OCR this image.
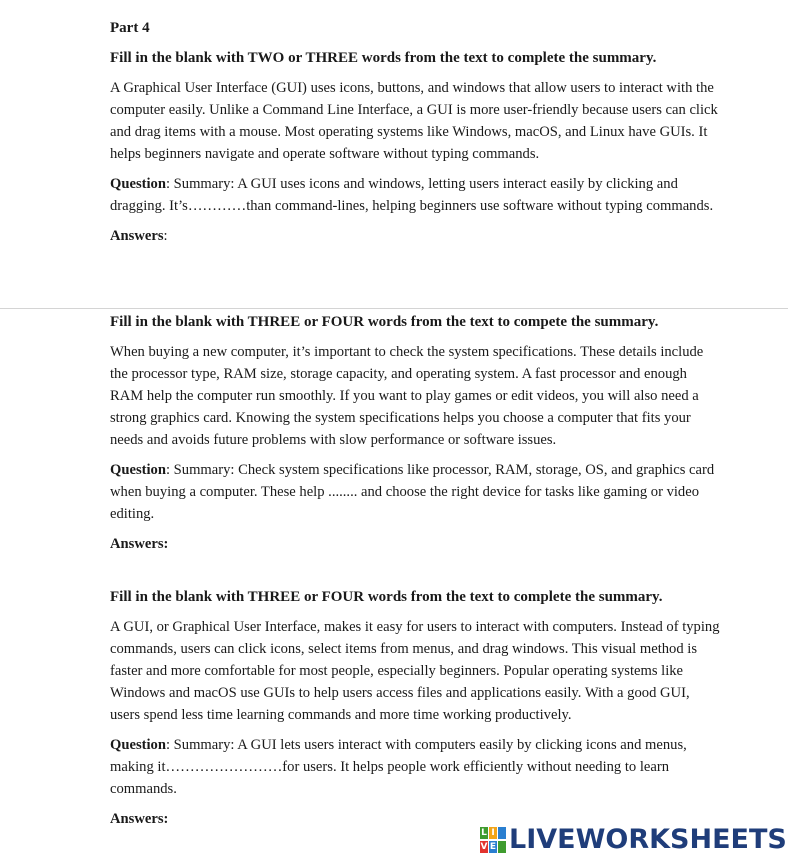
Part 4

Fill in the blank with TWO or THREE words from the text to complete the summary.

A Graphical User Interface (GUI) uses icons, buttons, and windows that allow users to interact with the computer easily. Unlike a Command Line Interface, a GUI is more user-friendly because users can click and drag items with a mouse. Most operating systems like Windows, macOS, and Linux have GUIs. It helps beginners navigate and operate software without typing commands.

Question: Summary: A GUI uses icons and windows, letting users interact easily by clicking and dragging. It’s…………than command-lines, helping beginners use software without typing commands.

Answers:

Fill in the blank with THREE or FOUR words from the text to compete the summary.

When buying a new computer, it’s important to check the system specifications. These details include the processor type, RAM size, storage capacity, and operating system. A fast processor and enough RAM help the computer run smoothly. If you want to play games or edit videos, you will also need a strong graphics card. Knowing the system specifications helps you choose a computer that fits your needs and avoids future problems with slow performance or software issues.

Question: Summary: Check system specifications like processor, RAM, storage, OS, and graphics card when buying a computer. These help ........ and choose the right device for tasks like gaming or video editing.

Answers:

Fill in the blank with THREE or FOUR words from the text to complete the summary.

A GUI, or Graphical User Interface, makes it easy for users to interact with computers. Instead of typing commands, users can click icons, select items from menus, and drag windows. This visual method is faster and more comfortable for most people, especially beginners. Popular operating systems like Windows and macOS use GUIs to help users access files and applications easily. With a good GUI, users spend less time learning commands and more time working productively.

Question: Summary: A GUI lets users interact with computers easily by clicking icons and menus, making it……………………for users. It helps people work efficiently without needing to learn commands.

Answers:

L I
V E LIVEWORKSHEETS
